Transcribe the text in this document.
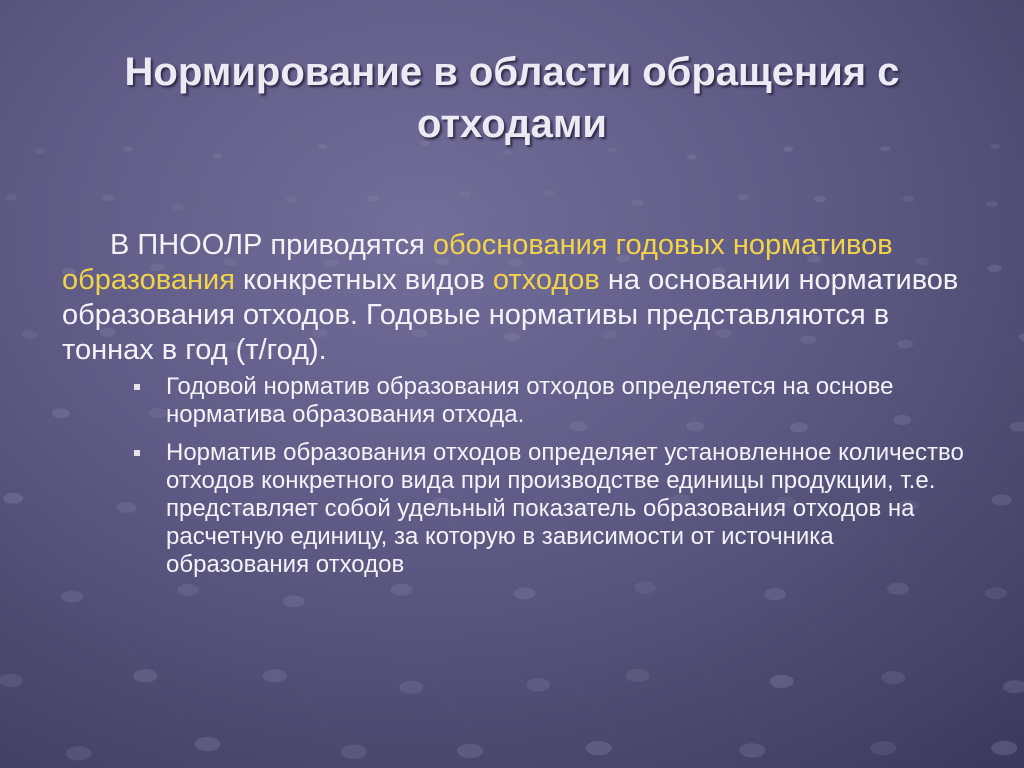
Нормирование в области обращения с
отходами

В ПНООЛР приводятся обоснования годовых нормативов образования конкретных видов отходов на основании нормативов образования отходов. Годовые нормативы представляются в тоннах в год (т/год).

Годовой норматив образования отходов определяется на основе норматива образования отхода.
Норматив образования отходов определяет установленное количество отходов конкретного вида при производстве единицы продукции, т.е. представляет собой удельный показатель образования отходов на расчетную единицу, за которую в зависимости от источника образования отходов
